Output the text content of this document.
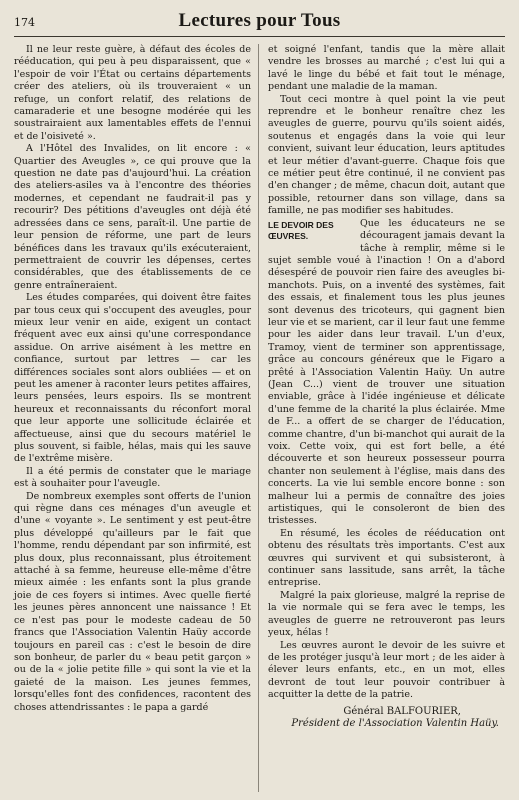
174	Lectures pour Tous

Il ne leur reste guère, à défaut des écoles de rééducation, qui peu à peu disparaissent, que « l'espoir de voir l'État ou certains départements créer des ateliers, où ils trouveraient « un refuge, un confort relatif, des relations de camaraderie et une besogne modérée qui les soustrairaient aux lamentables effets de l'ennui et de l'oisiveté ».

A l'Hôtel des Invalides, on lit encore : « Quartier des Aveugles », ce qui prouve que la question ne date pas d'aujourd'hui. La création des ateliers-asiles va à l'encontre des théories modernes, et cependant ne faudrait-il pas y recourir? Des pétitions d'aveugles ont déjà été adressées dans ce sens, paraît-il. Une partie de leur pension de réforme, une part de leurs bénéfices dans les travaux qu'ils exécuteraient, permettraient de couvrir les dépenses, certes considérables, que des établissements de ce genre entraîneraient.

Les études comparées, qui doivent être faites par tous ceux qui s'occupent des aveugles, pour mieux leur venir en aide, exigent un contact fréquent avec eux ainsi qu'une correspondance assidue. On arrive aisément à les mettre en confiance, surtout par lettres — car les différences sociales sont alors oubliées — et on peut les amener à raconter leurs petites affaires, leurs pensées, leurs espoirs. Ils se montrent heureux et reconnaissants du réconfort moral que leur apporte une sollicitude éclairée et affectueuse, ainsi que du secours matériel le plus souvent, si faible, hélas, mais qui les sauve de l'extrême misère.

Il a été permis de constater que le mariage est à souhaiter pour l'aveugle.

De nombreux exemples sont offerts de l'union qui règne dans ces ménages d'un aveugle et d'une « voyante ». Le sentiment y est peut-être plus développé qu'ailleurs par le fait que l'homme, rendu dépendant par son infirmité, est plus doux, plus reconnaissant, plus étroitement attaché à sa femme, heureuse elle-même d'être mieux aimée : les enfants sont la plus grande joie de ces foyers si intimes. Avec quelle fierté les jeunes pères annoncent une naissance ! Et ce n'est pas pour le modeste cadeau de 50 francs que l'Association Valentin Haüy accorde toujours en pareil cas : c'est le besoin de dire son bonheur, de parler du « beau petit garçon » ou de la « jolie petite fille » qui sont la vie et la gaieté de la maison. Les jeunes femmes, lorsqu'elles font des confidences, racontent des choses attendrissantes : le papa a gardé

et soigné l'enfant, tandis que la mère allait vendre les brosses au marché ; c'est lui qui a lavé le linge du bébé et fait tout le ménage, pendant une maladie de la maman.

Tout ceci montre à quel point la vie peut reprendre et le bonheur renaître chez les aveugles de guerre, pourvu qu'ils soient aidés, soutenus et engagés dans la voie qui leur convient, suivant leur éducation, leurs aptitudes et leur métier d'avant-guerre. Chaque fois que ce métier peut être continué, il ne convient pas d'en changer ; de même, chacun doit, autant que possible, retourner dans son village, dans sa famille, ne pas modifier ses habitudes.

LE DEVOIR DES ŒUVRES.
Que les éducateurs ne se découragent jamais devant la tâche à remplir, même si le sujet semble voué à l'inaction ! On a d'abord désespéré de pouvoir rien faire des aveugles bi-manchots. Puis, on a inventé des systèmes, fait des essais, et finalement tous les plus jeunes sont devenus des tricoteurs, qui gagnent bien leur vie et se marient, car il leur faut une femme pour les aider dans leur travail. L'un d'eux, Tramoy, vient de terminer son apprentissage, grâce au concours généreux que le Figaro a prêté à l'Association Valentin Haüy. Un autre (Jean C...) vient de trouver une situation enviable, grâce à l'idée ingénieuse et délicate d'une femme de la charité la plus éclairée. Mme de F... a offert de se charger de l'éducation, comme chantre, d'un bi-manchot qui aurait de la voix. Cette voix, qui est fort belle, a été découverte et son heureux possesseur pourra chanter non seulement à l'église, mais dans des concerts. La vie lui semble encore bonne : son malheur lui a permis de connaître des joies artistiques, qui le consoleront de bien des tristesses.

En résumé, les écoles de rééducation ont obtenu des résultats très importants. C'est aux œuvres qui survivent et qui subsisteront, à continuer sans lassitude, sans arrêt, la tâche entreprise.

Malgré la paix glorieuse, malgré la reprise de la vie normale qui se fera avec le temps, les aveugles de guerre ne retrouveront pas leurs yeux, hélas !

Les œuvres auront le devoir de les suivre et de les protéger jusqu'à leur mort ; de les aider à élever leurs enfants, etc., en un mot, elles devront de tout leur pouvoir contribuer à acquitter la dette de la patrie.

Général BALFOURIER,
Président de l'Association Valentin Haüy.
